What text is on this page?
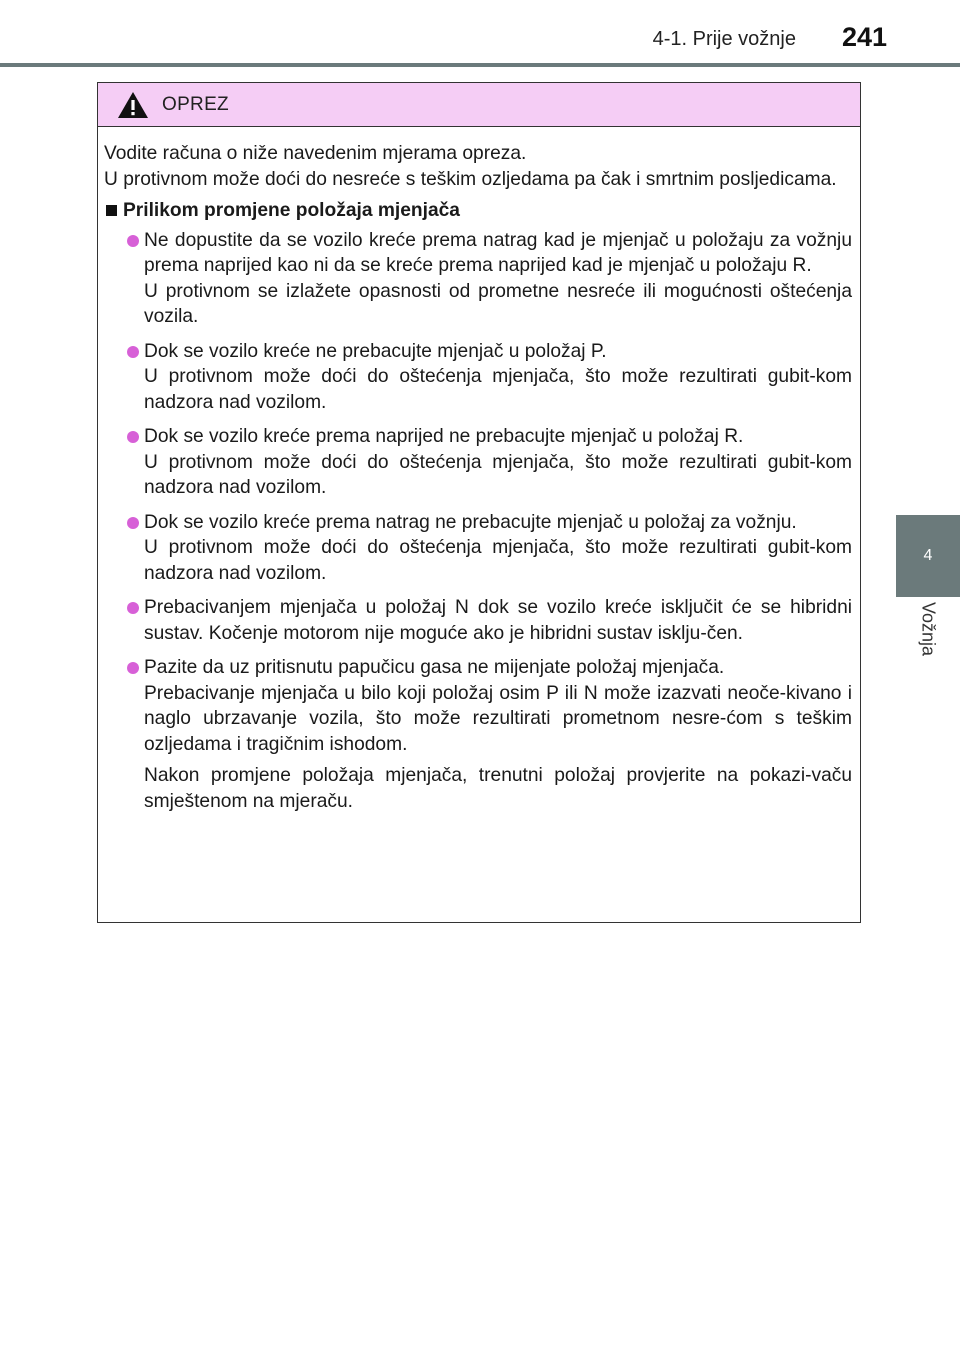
4-1. Prije vožnje 241
4
Vožnja
OPREZ

Vodite računa o niže navedenim mjerama opreza.

U protivnom može doći do nesreće s teškim ozljedama pa čak i smrtnim posljedicama.

Prilikom promjene položaja mjenjača

Ne dopustite da se vozilo kreće prema natrag kad je mjenjač u položaju za vožnju prema naprijed kao ni da se kreće prema naprijed kad je mjenjač u položaju R.

U protivnom se izlažete opasnosti od prometne nesreće ili mogućnosti oštećenja vozila.

Dok se vozilo kreće ne prebacujte mjenjač u položaj P.

U protivnom može doći do oštećenja mjenjača, što može rezultirati gubit-kom nadzora nad vozilom.

Dok se vozilo kreće prema naprijed ne prebacujte mjenjač u položaj R.

U protivnom može doći do oštećenja mjenjača, što može rezultirati gubit-kom nadzora nad vozilom.

Dok se vozilo kreće prema natrag ne prebacujte mjenjač u položaj za vožnju.

U protivnom može doći do oštećenja mjenjača, što može rezultirati gubit-kom nadzora nad vozilom.

Prebacivanjem mjenjača u položaj N dok se vozilo kreće isključit će se hibridni sustav. Kočenje motorom nije moguće ako je hibridni sustav isklju-čen.

Pazite da uz pritisnutu papučicu gasa ne mijenjate položaj mjenjača.

Prebacivanje mjenjača u bilo koji položaj osim P ili N može izazvati neoče-kivano i naglo ubrzavanje vozila, što može rezultirati prometnom nesre-ćom s teškim ozljedama i tragičnim ishodom.

Nakon promjene položaja mjenjača, trenutni položaj provjerite na pokazi-vaču smještenom na mjeraču.
